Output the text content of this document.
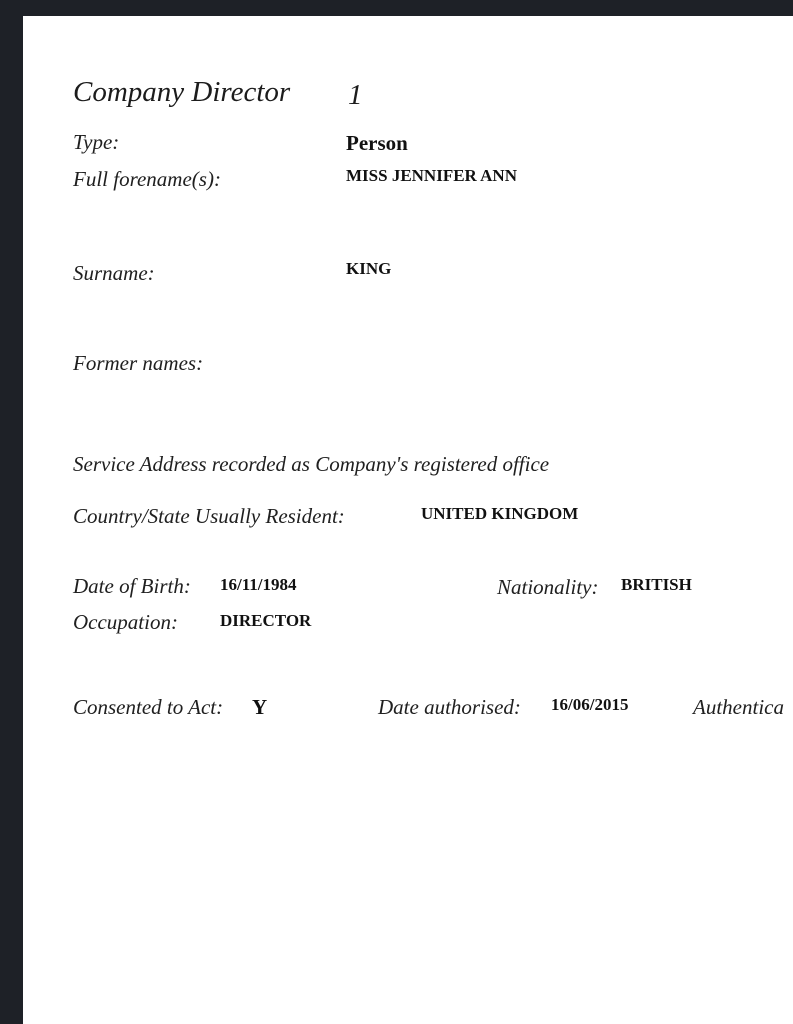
Company Director 1
Type:	Person
Full forename(s):	MISS JENNIFER ANN
Surname:	KING
Former names:
Service Address recorded as Company's registered office
Country/State Usually Resident:	UNITED KINGDOM
Date of Birth: 16/11/1984	Nationality: BRITISH
Occupation: DIRECTOR
Consented to Act: Y	Date authorised: 16/06/2015	Authentica
